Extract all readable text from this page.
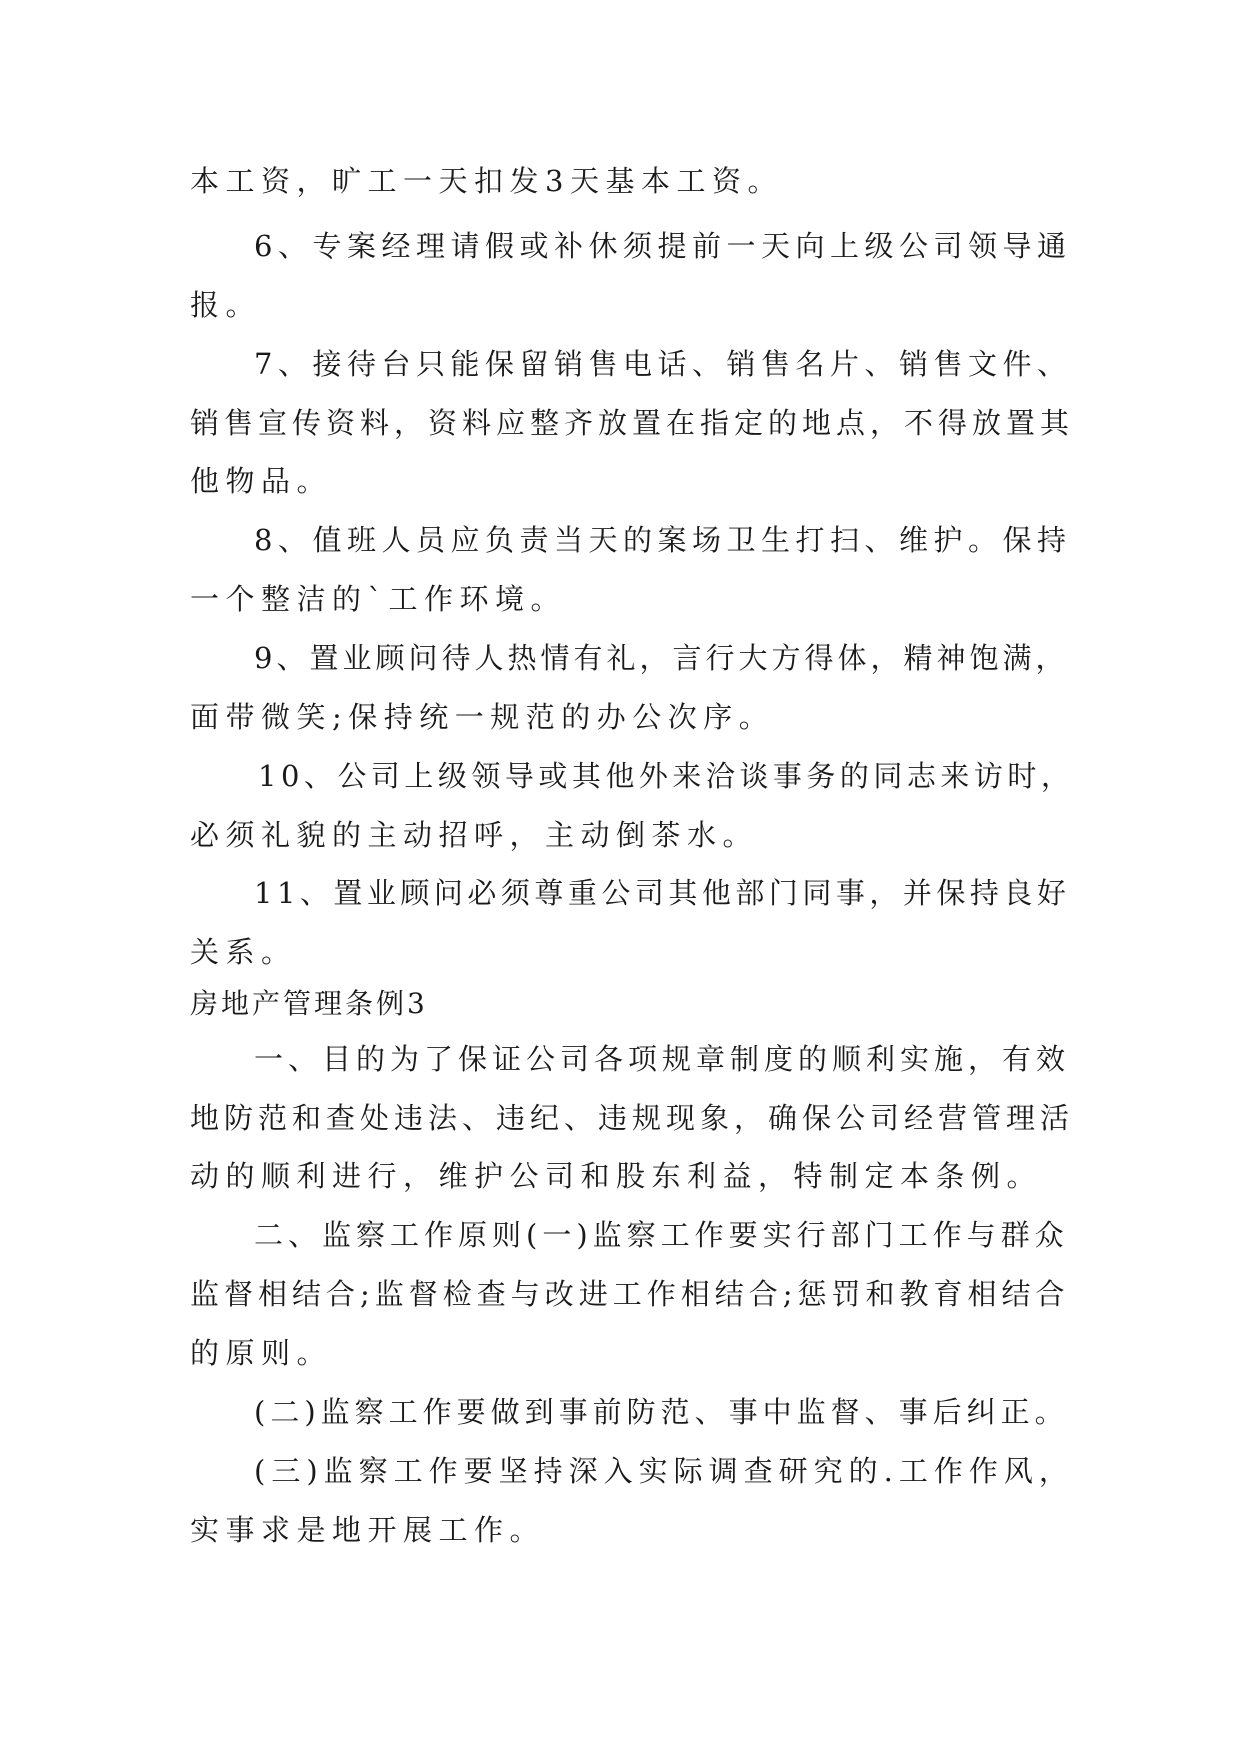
本工资，旷工一天扣发3天基本工资。
6、专案经理请假或补休须提前一天向上级公司领导通
报。
7、接待台只能保留销售电话、销售名片、销售文件、
销售宣传资料，资料应整齐放置在指定的地点，不得放置其
他物品。
8、值班人员应负责当天的案场卫生打扫、维护。保持
一个整洁的`工作环境。
9、置业顾问待人热情有礼，言行大方得体，精神饱满，
面带微笑;保持统一规范的办公次序。
10、公司上级领导或其他外来洽谈事务的同志来访时，
必须礼貌的主动招呼，主动倒茶水。
11、置业顾问必须尊重公司其他部门同事，并保持良好
关系。
房地产管理条例3
一、目的为了保证公司各项规章制度的顺利实施，有效
地防范和查处违法、违纪、违规现象，确保公司经营管理活
动的顺利进行，维护公司和股东利益，特制定本条例。
二、监察工作原则(一)监察工作要实行部门工作与群众
监督相结合;监督检查与改进工作相结合;惩罚和教育相结合
的原则。
(二)监察工作要做到事前防范、事中监督、事后纠正。
(三)监察工作要坚持深入实际调查研究的.工作作风，
实事求是地开展工作。
